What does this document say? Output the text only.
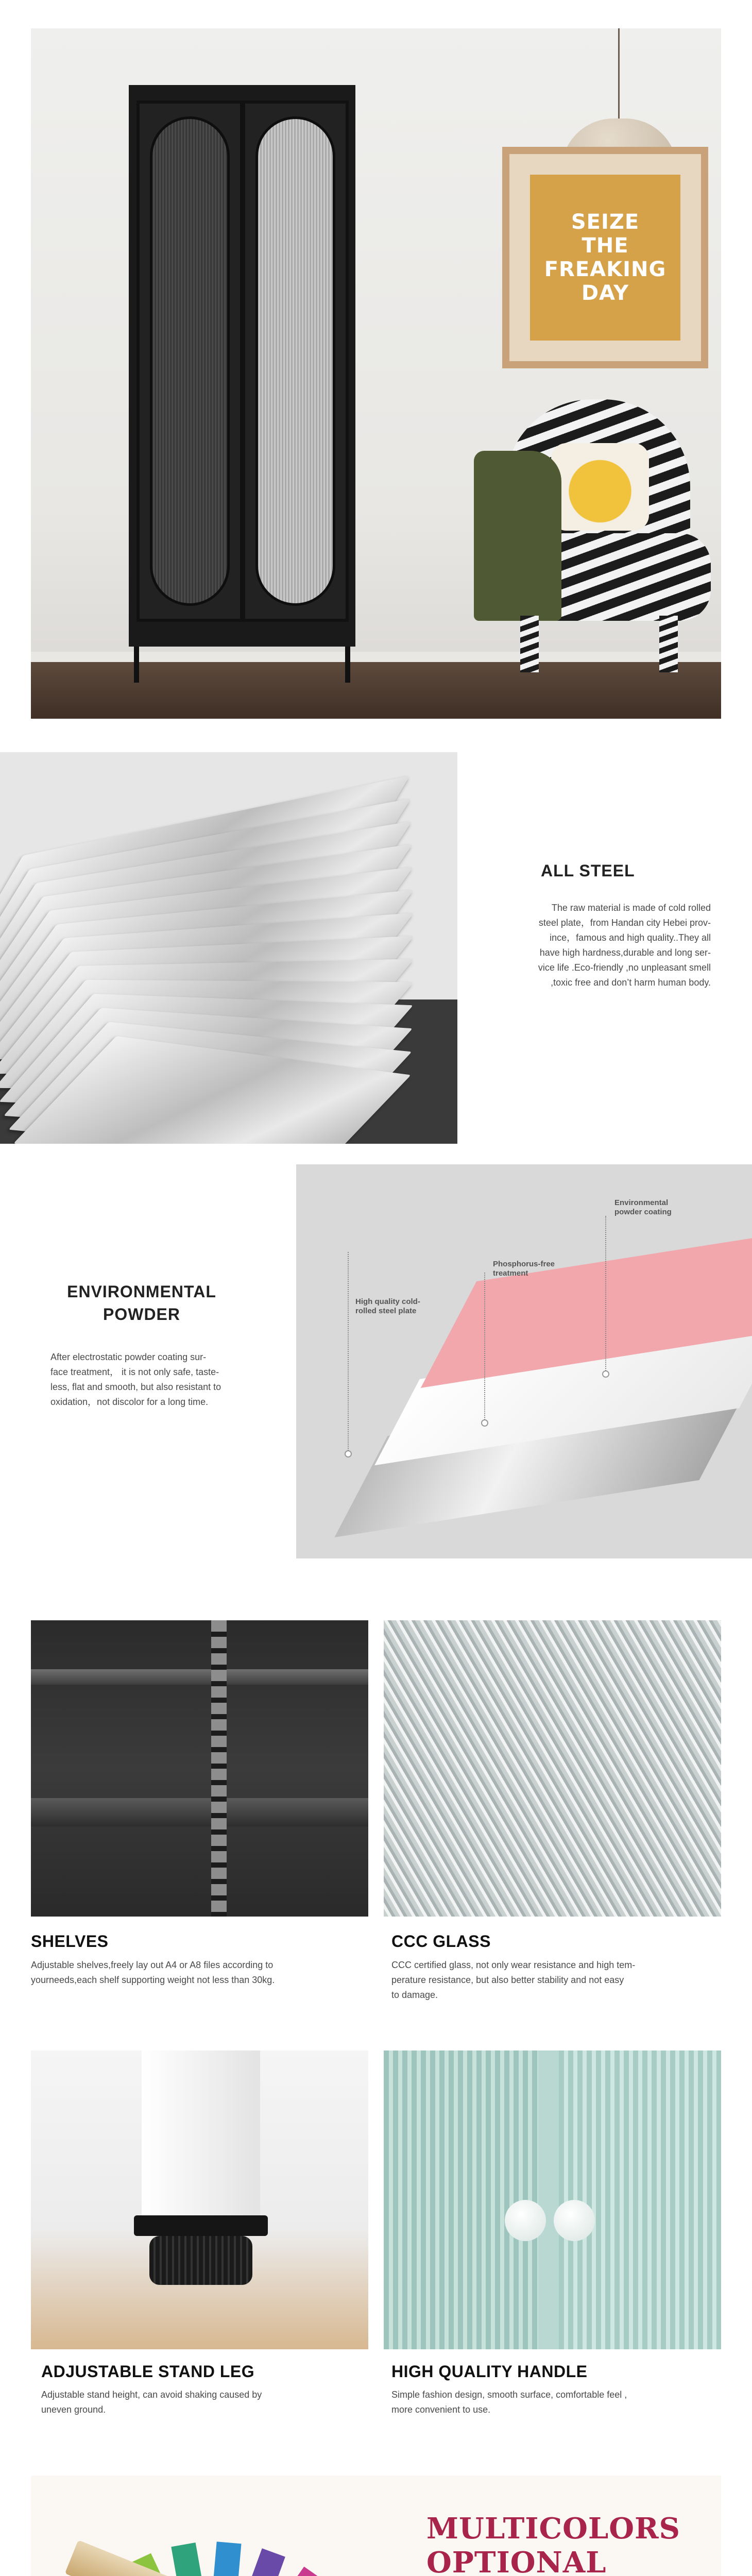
SEIZE
THE
FREAKING
DAY
ALL STEEL
The raw material is made of cold rolled
steel plate，from Handan city Hebei prov-
ince，famous and high quality..They all
have high hardness,durable and long ser-
vice life .Eco-friendly ,no unpleasant smell
,toxic free and don’t harm human body.
ENVIRONMENTAL
POWDER
After electrostatic powder coating sur-
face treatment， it is not only safe, taste-
less, flat and smooth, but also resistant to
oxidation，not discolor for a long time.
High quality cold-
rolled steel plate
Phosphorus-free
treatment
Environmental
powder coating
SHELVES
Adjustable shelves,freely lay out A4 or A8 files according to
yourneeds,each shelf supporting weight not less than 30kg.
CCC GLASS
CCC certified glass, not only wear resistance and high tem-
perature resistance, but also better stability and not easy
to damage.
ADJUSTABLE STAND LEG
Adjustable stand height, can avoid shaking caused by
uneven ground.
HIGH QUALITY HANDLE
Simple fashion design, smooth surface, comfortable feel ,
more convenient to use.
MULTICOLORS
OPTIONAL
